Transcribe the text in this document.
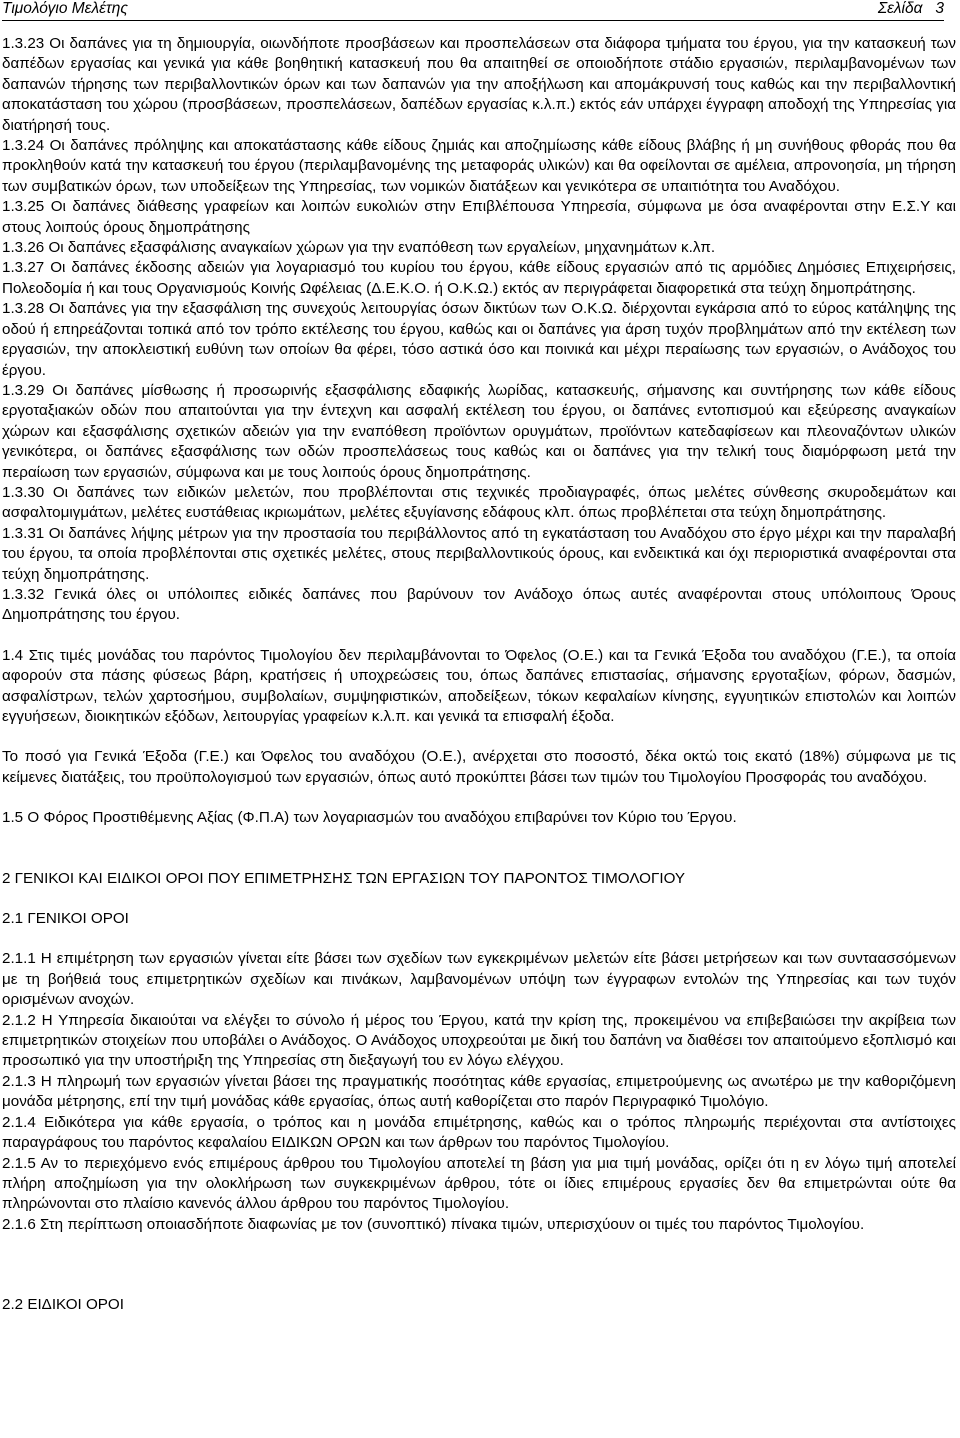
Τιμολόγιο Μελέτης	Σελίδα 3

1.3.23 Οι δαπάνες για τη δημιουργία, οιωνδήποτε προσβάσεων και προσπελάσεων στα διάφορα τμήματα του έργου, για την κατασκευή των δαπέδων εργασίας και γενικά για κάθε βοηθητική κατασκευή που θα απαιτηθεί σε οποιοδήποτε στάδιο εργασιών, περιλαμβανομένων των δαπανών τήρησης των περιβαλλοντικών όρων και των δαπανών για την αποξήλωση και απομάκρυνσή τους καθώς και την περιβαλλοντική αποκατάσταση του χώρου (προσβάσεων, προσπελάσεων, δαπέδων εργασίας κ.λ.π.) εκτός εάν υπάρχει έγγραφη αποδοχή της Υπηρεσίας για διατήρησή τους.

1.3.24 Οι δαπάνες πρόληψης και αποκατάστασης κάθε είδους ζημιάς και αποζημίωσης κάθε είδους βλάβης ή μη συνήθους φθοράς που θα προκληθούν κατά την κατασκευή του έργου (περιλαμβανομένης της μεταφοράς υλικών) και θα οφείλονται σε αμέλεια, απρονοησία, μη τήρηση των συμβατικών όρων, των υποδείξεων της Υπηρεσίας, των νομικών διατάξεων και γενικότερα σε υπαιτιότητα του Αναδόχου.

1.3.25 Οι δαπάνες διάθεσης γραφείων και λοιπών ευκολιών στην Επιβλέπουσα Υπηρεσία, σύμφωνα με όσα αναφέρονται στην Ε.Σ.Υ και στους λοιπούς όρους δημοπράτησης

1.3.26 Οι δαπάνες εξασφάλισης αναγκαίων χώρων για την εναπόθεση των εργαλείων, μηχανημάτων κ.λπ.

1.3.27 Οι δαπάνες έκδοσης αδειών για λογαριασμό του κυρίου του έργου, κάθε είδους εργασιών από τις αρμόδιες Δημόσιες Επιχειρήσεις, Πολεοδομία ή και τους Οργανισμούς Κοινής Ωφέλειας (Δ.Ε.Κ.Ο. ή Ο.Κ.Ω.) εκτός αν περιγράφεται διαφορετικά στα τεύχη δημοπράτησης.

1.3.28 Οι δαπάνες για την εξασφάλιση της συνεχούς λειτουργίας όσων δικτύων των Ο.Κ.Ω. διέρχονται εγκάρσια από το εύρος κατάληψης της οδού ή επηρεάζονται τοπικά από τον τρόπο εκτέλεσης του έργου, καθώς και οι δαπάνες για άρση τυχόν προβλημάτων από την εκτέλεση των εργασιών, την αποκλειστική ευθύνη των οποίων θα φέρει, τόσο αστικά όσο και ποινικά και μέχρι περαίωσης των εργασιών, ο Ανάδοχος του έργου.

1.3.29 Οι δαπάνες μίσθωσης ή προσωρινής εξασφάλισης εδαφικής λωρίδας, κατασκευής, σήμανσης και συντήρησης των κάθε είδους εργοταξιακών οδών που απαιτούνται για την έντεχνη και ασφαλή εκτέλεση του έργου, οι δαπάνες εντοπισμού και εξεύρεσης αναγκαίων χώρων και εξασφάλισης σχετικών αδειών για την εναπόθεση προϊόντων ορυγμάτων, προϊόντων κατεδαφίσεων και πλεοναζόντων υλικών γενικότερα, οι δαπάνες εξασφάλισης των οδών προσπελάσεως τους καθώς και οι δαπάνες για την τελική τους διαμόρφωση μετά την περαίωση των εργασιών, σύμφωνα και με τους λοιπούς όρους δημοπράτησης.

1.3.30 Οι δαπάνες των ειδικών μελετών, που προβλέπονται στις τεχνικές προδιαγραφές, όπως μελέτες σύνθεσης σκυροδεμάτων και ασφαλτομιγμάτων, μελέτες ευστάθειας ικριωμάτων, μελέτες εξυγίανσης εδάφους κλπ. όπως προβλέπεται στα τεύχη δημοπράτησης.

1.3.31 Οι δαπάνες λήψης μέτρων για την προστασία του περιβάλλοντος από τη εγκατάσταση του Αναδόχου στο έργο μέχρι και την παραλαβή του έργου, τα οποία προβλέπονται στις σχετικές μελέτες, στους περιβαλλοντικούς όρους, και ενδεικτικά και όχι περιοριστικά αναφέρονται στα τεύχη δημοπράτησης.

1.3.32 Γενικά όλες οι υπόλοιπες ειδικές δαπάνες που βαρύνουν τον Ανάδοχο όπως αυτές αναφέρονται στους υπόλοιπους Όρους Δημοπράτησης του έργου.

1.4 Στις τιμές μονάδας του παρόντος Τιμολογίου δεν περιλαμβάνονται το Όφελος (Ο.Ε.) και τα Γενικά Έξοδα του αναδόχου (Γ.Ε.), τα οποία αφορούν στα πάσης φύσεως βάρη, κρατήσεις ή υποχρεώσεις του, όπως δαπάνες επιστασίας, σήμανσης εργοταξίων, φόρων, δασμών, ασφαλίστρων, τελών χαρτοσήμου, συμβολαίων, συμψηφιστικών, αποδείξεων, τόκων κεφαλαίων κίνησης, εγγυητικών επιστολών και λοιπών εγγυήσεων, διοικητικών εξόδων, λειτουργίας γραφείων κ.λ.π. και γενικά τα επισφαλή έξοδα.

Το ποσό για Γενικά Έξοδα (Γ.Ε.) και Όφελος του αναδόχου (Ο.Ε.), ανέρχεται στο ποσοστό, δέκα οκτώ τοις εκατό (18%) σύμφωνα με τις κείμενες διατάξεις, του προϋπολογισμού των εργασιών, όπως αυτό προκύπτει βάσει των τιμών του Τιμολογίου Προσφοράς του αναδόχου.

1.5 Ο Φόρος Προστιθέμενης Αξίας (Φ.Π.Α) των λογαριασμών του αναδόχου επιβαρύνει τον Κύριο του Έργου.

2 ΓΕΝΙΚΟΙ ΚΑΙ ΕΙΔΙΚΟΙ ΟΡΟΙ ΠΟΥ ΕΠΙΜΕΤΡΗΣΗΣ ΤΩΝ ΕΡΓΑΣΙΩΝ ΤΟΥ ΠΑΡΟΝΤΟΣ ΤΙΜΟΛΟΓΙΟΥ

2.1 ΓΕΝΙΚΟΙ ΟΡΟΙ

2.1.1 Η επιμέτρηση των εργασιών γίνεται είτε βάσει των σχεδίων των εγκεκριμένων μελετών είτε βάσει μετρήσεων και των συνταασσόμενων με τη βοήθειά τους επιμετρητικών σχεδίων και πινάκων, λαμβανομένων υπόψη των έγγραφων εντολών της Υπηρεσίας και των τυχόν ορισμένων ανοχών.

2.1.2 Η Υπηρεσία δικαιούται να ελέγξει το σύνολο ή μέρος του Έργου, κατά την κρίση της, προκειμένου να επιβεβαιώσει την ακρίβεια των επιμετρητικών στοιχείων που υποβάλει ο Ανάδοχος. Ο Ανάδοχος υποχρεούται με δική του δαπάνη να διαθέσει τον απαιτούμενο εξοπλισμό και προσωπικό για την υποστήριξη της Υπηρεσίας στη διεξαγωγή του εν λόγω ελέγχου.

2.1.3 Η πληρωμή των εργασιών γίνεται βάσει της πραγματικής ποσότητας κάθε εργασίας, επιμετρούμενης ως ανωτέρω με την καθοριζόμενη μονάδα μέτρησης, επί την τιμή μονάδας κάθε εργασίας, όπως αυτή καθορίζεται στο παρόν Περιγραφικό Τιμολόγιο.

2.1.4 Ειδικότερα για κάθε εργασία, ο τρόπος και η μονάδα επιμέτρησης, καθώς και ο τρόπος πληρωμής περιέχονται στα αντίστοιχες παραγράφους του παρόντος κεφαλαίου ΕΙΔΙΚΩΝ ΟΡΩΝ και των άρθρων του παρόντος Τιμολογίου.

2.1.5 Αν το περιεχόμενο ενός επιμέρους άρθρου του Τιμολογίου αποτελεί τη βάση για μια τιμή μονάδας, ορίζει ότι η εν λόγω τιμή αποτελεί πλήρη αποζημίωση για την ολοκλήρωση των συγκεκριμένων άρθρου, τότε οι ίδιες επιμέρους εργασίες δεν θα επιμετρώνται ούτε θα πληρώνονται στο πλαίσιο κανενός άλλου άρθρου του παρόντος Τιμολογίου.

2.1.6 Στη περίπτωση οποιασδήποτε διαφωνίας με τον (συνοπτικό) πίνακα τιμών, υπερισχύουν οι τιμές του παρόντος Τιμολογίου.

2.2 ΕΙΔΙΚΟΙ ΟΡΟΙ
